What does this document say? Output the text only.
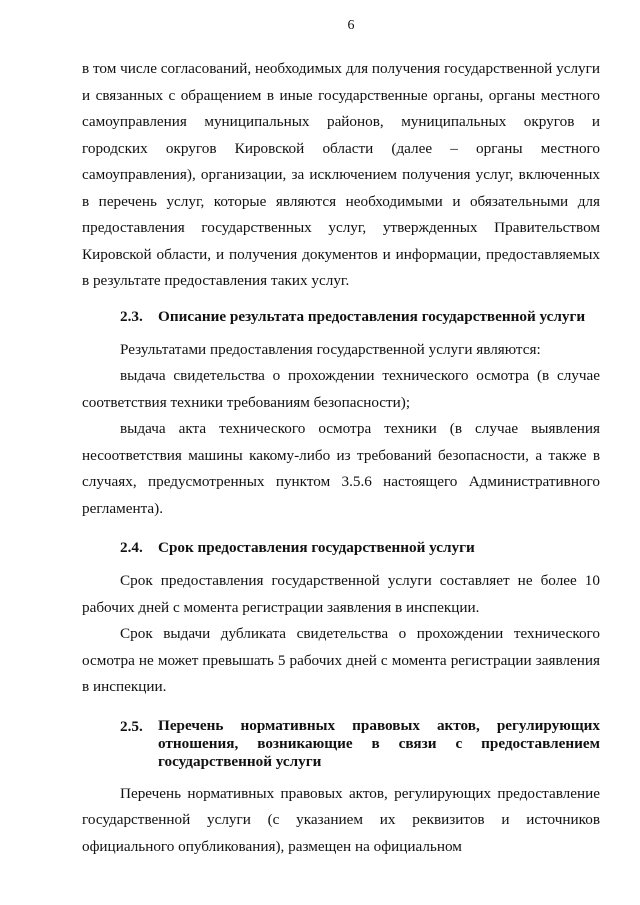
6

в том числе согласований, необходимых для получения государственной услуги и связанных с обращением в иные государственные органы, органы местного самоуправления муниципальных районов, муниципальных округов и городских округов Кировской области (далее – органы местного самоуправления), организации, за исключением получения услуг, включенных в перечень услуг, которые являются необходимыми и обязательными для предоставления государственных услуг, утвержденных Правительством Кировской области, и получения документов и информации, предоставляемых в результате предоставления таких услуг.

2.3.	Описание результата предоставления государственной услуги

Результатами предоставления государственной услуги являются:

выдача свидетельства о прохождении технического осмотра (в случае соответствия техники требованиям безопасности);

выдача акта технического осмотра техники (в случае выявления несоответствия машины какому-либо из требований безопасности, а также в случаях, предусмотренных пунктом 3.5.6 настоящего Административного регламента).

2.4.	Срок предоставления государственной услуги

Срок предоставления государственной услуги составляет не более 10 рабочих дней с момента регистрации заявления в инспекции.

Срок выдачи дубликата свидетельства о прохождении технического осмотра не может превышать 5 рабочих дней с момента регистрации заявления в инспекции.

2.5.	Перечень нормативных правовых актов, регулирующих отношения, возникающие в связи с предоставлением государственной услуги

Перечень нормативных правовых актов, регулирующих предоставление государственной услуги (с указанием их реквизитов и источников официального опубликования), размещен на официальном
